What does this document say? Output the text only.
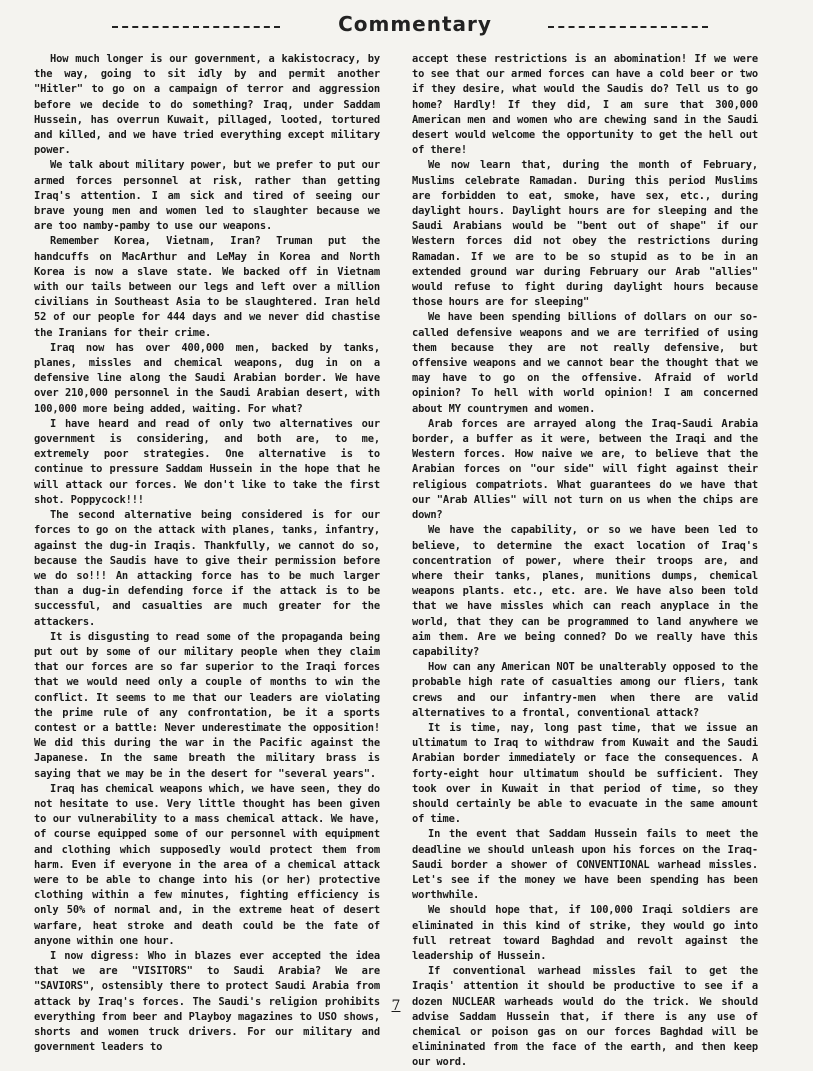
Commentary

How much longer is our government, a kakistocracy, by the way, going to sit idly by and permit another "Hitler" to go on a campaign of terror and aggression before we decide to do something? Iraq, under Saddam Hussein, has overrun Kuwait, pillaged, looted, tortured and killed, and we have tried everything except military power.

We talk about military power, but we prefer to put our armed forces personnel at risk, rather than getting Iraq's attention. I am sick and tired of seeing our brave young men and women led to slaughter because we are too namby-pamby to use our weapons.

Remember Korea, Vietnam, Iran? Truman put the handcuffs on MacArthur and LeMay in Korea and North Korea is now a slave state. We backed off in Vietnam with our tails between our legs and left over a million civilians in Southeast Asia to be slaughtered. Iran held 52 of our people for 444 days and we never did chastise the Iranians for their crime.

Iraq now has over 400,000 men, backed by tanks, planes, missles and chemical weapons, dug in on a defensive line along the Saudi Arabian border. We have over 210,000 personnel in the Saudi Arabian desert, with 100,000 more being added, waiting. For what?

I have heard and read of only two alternatives our government is considering, and both are, to me, extremely poor strategies. One alternative is to continue to pressure Saddam Hussein in the hope that he will attack our forces. We don't like to take the first shot. Poppycock!!!

The second alternative being considered is for our forces to go on the attack with planes, tanks, infantry, against the dug-in Iraqis. Thankfully, we cannot do so, because the Saudis have to give their permission before we do so!!! An attacking force has to be much larger than a dug-in defending force if the attack is to be successful, and casualties are much greater for the attackers.

It is disgusting to read some of the propaganda being put out by some of our military people when they claim that our forces are so far superior to the Iraqi forces that we would need only a couple of months to win the conflict. It seems to me that our leaders are violating the prime rule of any confrontation, be it a sports contest or a battle: Never underestimate the opposition! We did this during the war in the Pacific against the Japanese. In the same breath the military brass is saying that we may be in the desert for "several years".

Iraq has chemical weapons which, we have seen, they do not hesitate to use. Very little thought has been given to our vulnerability to a mass chemical attack. We have, of course equipped some of our personnel with equipment and clothing which supposedly would protect them from harm. Even if everyone in the area of a chemical attack were to be able to change into his (or her) protective clothing within a few minutes, fighting efficiency is only 50% of normal and, in the extreme heat of desert warfare, heat stroke and death could be the fate of anyone within one hour.

I now digress: Who in blazes ever accepted the idea that we are "VISITORS" to Saudi Arabia? We are "SAVIORS", ostensibly there to protect Saudi Arabia from attack by Iraq's forces. The Saudi's religion prohibits everything from beer and Playboy magazines to USO shows, shorts and women truck drivers. For our military and government leaders to

accept these restrictions is an abomination! If we were to see that our armed forces can have a cold beer or two if they desire, what would the Saudis do? Tell us to go home? Hardly! If they did, I am sure that 300,000 American men and women who are chewing sand in the Saudi desert would welcome the opportunity to get the hell out of there!

We now learn that, during the month of February, Muslims celebrate Ramadan. During this period Muslims are forbidden to eat, smoke, have sex, etc., during daylight hours. Daylight hours are for sleeping and the Saudi Arabians would be "bent out of shape" if our Western forces did not obey the restrictions during Ramadan. If we are to be so stupid as to be in an extended ground war during February our Arab "allies" would refuse to fight during daylight hours because those hours are for sleeping"

We have been spending billions of dollars on our so-called defensive weapons and we are terrified of using them because they are not really defensive, but offensive weapons and we cannot bear the thought that we may have to go on the offensive. Afraid of world opinion? To hell with world opinion! I am concerned about MY countrymen and women.

Arab forces are arrayed along the Iraq-Saudi Arabia border, a buffer as it were, between the Iraqi and the Western forces. How naive we are, to believe that the Arabian forces on "our side" will fight against their religious compatriots. What guarantees do we have that our "Arab Allies" will not turn on us when the chips are down?

We have the capability, or so we have been led to believe, to determine the exact location of Iraq's concentration of power, where their troops are, and where their tanks, planes, munitions dumps, chemical weapons plants. etc., etc. are. We have also been told that we have missles which can reach anyplace in the world, that they can be programmed to land anywhere we aim them. Are we being conned? Do we really have this capability?

How can any American NOT be unalterably opposed to the probable high rate of casualties among our fliers, tank crews and our infantry-men when there are valid alternatives to a frontal, conventional attack?

It is time, nay, long past time, that we issue an ultimatum to Iraq to withdraw from Kuwait and the Saudi Arabian border immediately or face the consequences. A forty-eight hour ultimatum should be sufficient. They took over in Kuwait in that period of time, so they should certainly be able to evacuate in the same amount of time.

In the event that Saddam Hussein fails to meet the deadline we should unleash upon his forces on the Iraq-Saudi border a shower of CONVENTIONAL warhead missles. Let's see if the money we have been spending has been worthwhile.

We should hope that, if 100,000 Iraqi soldiers are eliminated in this kind of strike, they would go into full retreat toward Baghdad and revolt against the leadership of Hussein.

If conventional warhead missles fail to get the Iraqis' attention it should be productive to see if a dozen NUCLEAR warheads would do the trick. We should advise Saddam Hussein that, if there is any use of chemical or poison gas on our forces Baghdad will be elimininated from the face of the earth, and then keep our word.

7
